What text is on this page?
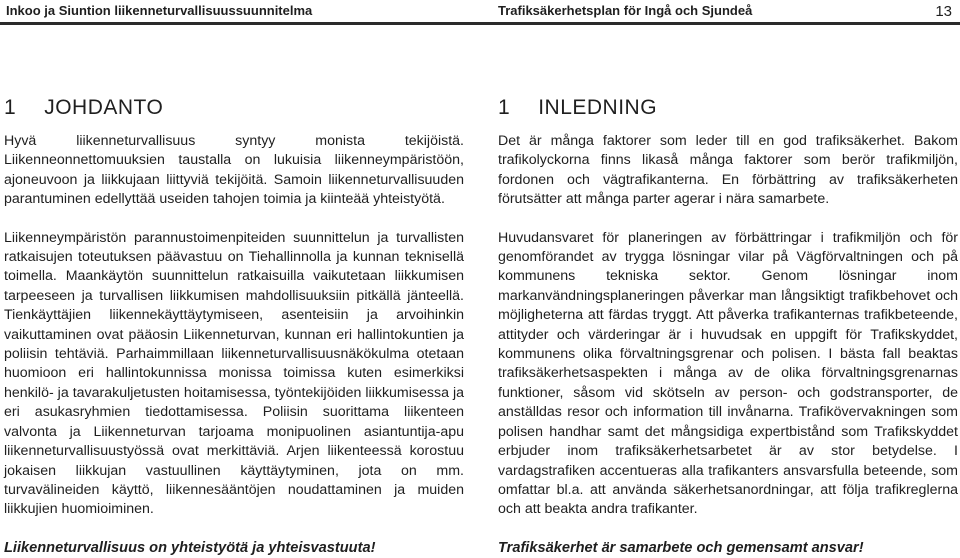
Inkoo ja Siuntion liikenneturvallisuussuunnitelma	Trafiksäkerhetsplan för Ingå och Sjundeå	13
1 JOHDANTO

Hyvä liikenneturvallisuus syntyy monista tekijöistä. Liikenneonnettomuuksien taustalla on lukuisia liikenneympäristöön, ajoneuvoon ja liikkujaan liittyviä tekijöitä. Samoin liikenneturvallisuuden parantuminen edellyttää useiden tahojen toimia ja kiinteää yhteistyötä.

Liikenneympäristön parannustoimenpiteiden suunnittelun ja turvallisten ratkaisujen toteutuksen päävastuu on Tiehallinnolla ja kunnan teknisellä toimella. Maankäytön suunnittelun ratkaisuilla vaikutetaan liikkumisen tarpeeseen ja turvallisen liikkumisen mahdollisuuksiin pitkällä jänteellä. Tienkäyttäjien liikennekäyttäytymiseen, asenteisiin ja arvoihinkin vaikuttaminen ovat pääosin Liikenneturvan, kunnan eri hallintokuntien ja poliisin tehtäviä. Parhaimmillaan liikenneturvallisuusnäkökulma otetaan huomioon eri hallintokunnissa monissa toimissa kuten esimerkiksi henkilö- ja tavarakuljetusten hoitamisessa, työntekijöiden liikkumisessa ja eri asukasryhmien tiedottamisessa. Poliisin suorittama liikenteen valvonta ja Liikenneturvan tarjoama monipuolinen asiantuntija-apu liikenneturvallisuustyössä ovat merkittäviä. Arjen liikenteessä korostuu jokaisen liikkujan vastuullinen käyttäytyminen, jota on mm. turvavälineiden käyttö, liikennesääntöjen noudattaminen ja muiden liikkujien huomioiminen.

Liikenneturvallisuus on yhteistyötä ja yhteisvastuuta!

1 INLEDNING

Det är många faktorer som leder till en god trafiksäkerhet. Bakom trafikolyckorna finns likaså många faktorer som berör trafikmiljön, fordonen och vägtrafikanterna. En förbättring av trafiksäkerheten förutsätter att många parter agerar i nära samarbete.

Huvudansvaret för planeringen av förbättringar i trafikmiljön och för genomförandet av trygga lösningar vilar på Vägförvaltningen och på kommunens tekniska sektor. Genom lösningar inom markanvändningsplaneringen påverkar man långsiktigt trafikbehovet och möjligheterna att färdas tryggt. Att påverka trafikanternas trafikbeteende, attityder och värderingar är i huvudsak en uppgift för Trafikskyddet, kommunens olika förvaltningsgrenar och polisen. I bästa fall beaktas trafiksäkerhetsaspekten i många av de olika förvaltningsgrenarnas funktioner, såsom vid skötseln av person- och godstransporter, de anställdas resor och information till invånarna. Trafikövervakningen som polisen handhar samt det mångsidiga expertbistånd som Trafikskyddet erbjuder inom trafiksäkerhetsarbetet är av stor betydelse. I vardagstrafiken accentueras alla trafikanters ansvarsfulla beteende, som omfattar bl.a. att använda säkerhetsanordningar, att följa trafikreglerna och att beakta andra trafikanter.

Trafiksäkerhet är samarbete och gemensamt ansvar!
